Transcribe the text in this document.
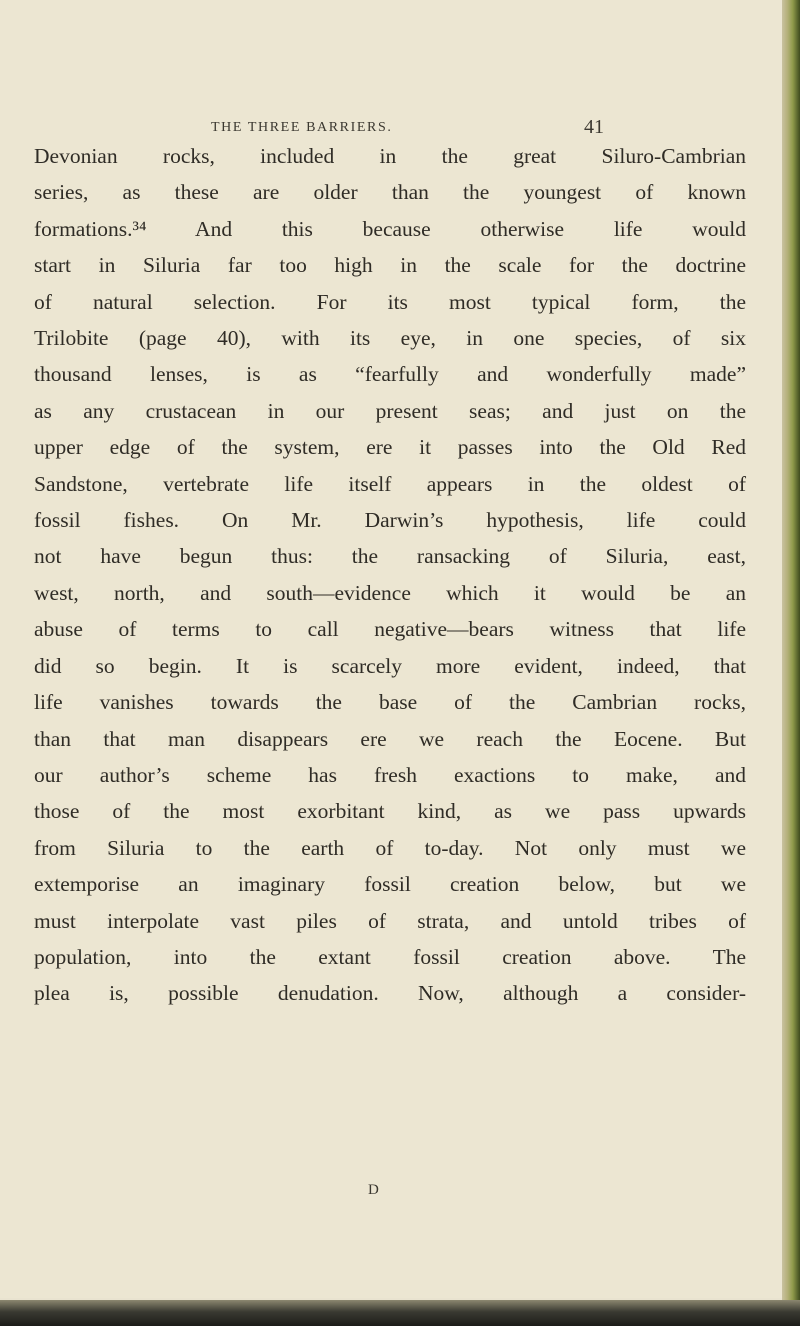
THE THREE BARRIERS.	41
Devonian rocks, included in the great Siluro-Cambrian
series, as these are older than the youngest of known
formations.³⁴ And this because otherwise life would
start in Siluria far too high in the scale for the doctrine
of natural selection. For its most typical form, the
Trilobite (page 40), with its eye, in one species, of six
thousand lenses, is as “fearfully and wonderfully made”
as any crustacean in our present seas; and just on the
upper edge of the system, ere it passes into the Old Red
Sandstone, vertebrate life itself appears in the oldest of
fossil fishes. On Mr. Darwin’s hypothesis, life could
not have begun thus: the ransacking of Siluria, east,
west, north, and south—evidence which it would be an
abuse of terms to call negative—bears witness that life
did so begin. It is scarcely more evident, indeed, that
life vanishes towards the base of the Cambrian rocks,
than that man disappears ere we reach the Eocene. But
our author’s scheme has fresh exactions to make, and
those of the most exorbitant kind, as we pass upwards
from Siluria to the earth of to-day. Not only must we
extemporise an imaginary fossil creation below, but we
must interpolate vast piles of strata, and untold tribes of
population, into the extant fossil creation above. The
plea is, possible denudation. Now, although a consider-
D
